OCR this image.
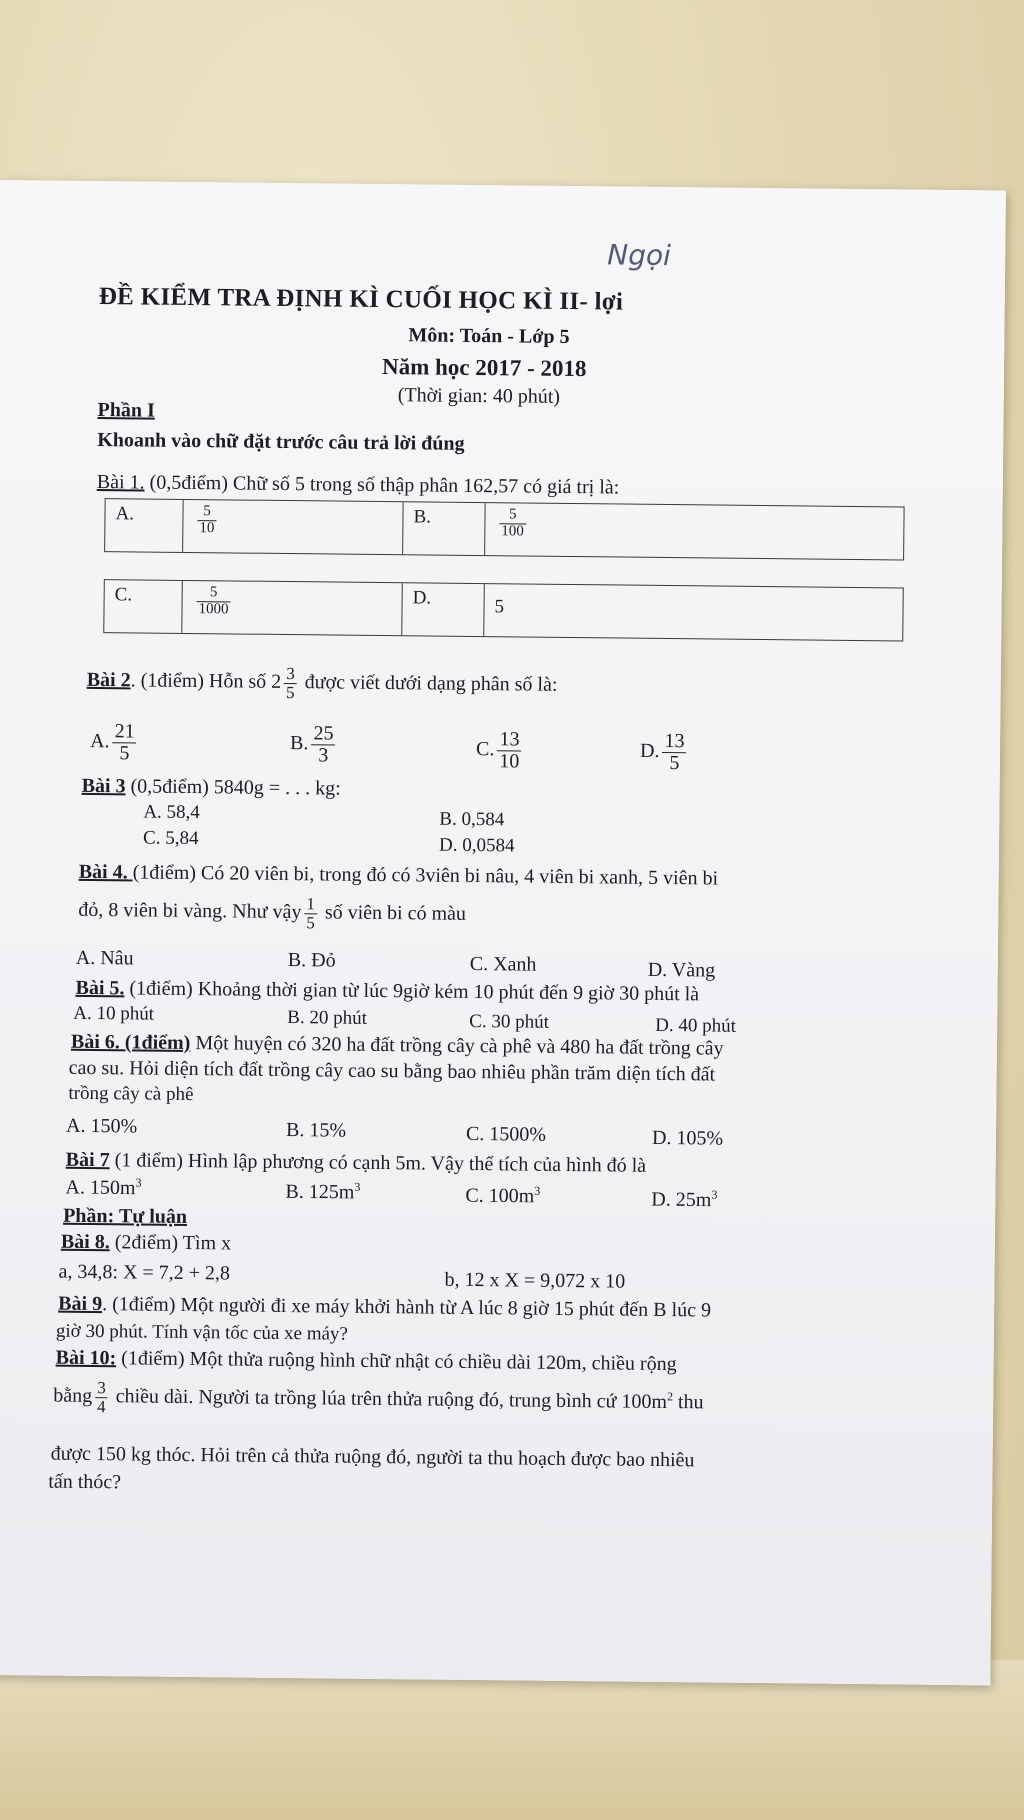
Ngọi
ĐỀ KIỂM TRA ĐỊNH KÌ CUỐI HỌC KÌ II- lợi
Môn: Toán - Lớp 5
Năm học 2017 - 2018
(Thời gian: 40 phút)
Phần I
Khoanh vào chữ đặt trước câu trả lời đúng
Bài 1. (0,5điểm) Chữ số 5 trong số thập phân 162,57 có giá trị là:
A.	$\frac{5}{10}$	B.	$\frac{5}{100}$
C.	$\frac{5}{1000}$	D.	5
Bài 2. (1điểm) Hỗn số $2 \frac{3}{5}$ được viết dưới dạng phân số là:
A. $\frac{21}{5}$	B. $\frac{25}{3}$	C. $\frac{13}{10}$	D. $\frac{13}{5}$
Bài 3 (0,5điểm) 5840g = . . . kg:
A. 58,4	B. 0,584
C. 5,84	D. 0,0584
Bài 4. (1điểm) Có 20 viên bi, trong đó có 3viên bi nâu, 4 viên bi xanh, 5 viên bi
đỏ, 8 viên bi vàng. Như vậy $\frac{1}{5}$ số viên bi có màu
A. Nâu	B. Đỏ	C. Xanh	D. Vàng
Bài 5. (1điểm) Khoảng thời gian từ lúc 9giờ kém 10 phút đến 9 giờ 30 phút là
A. 10 phút	B. 20 phút	C. 30 phút	D. 40 phút
Bài 6. (1điểm) Một huyện có 320 ha đất trồng cây cà phê và 480 ha đất trồng cây
cao su. Hỏi diện tích đất trồng cây cao su bằng bao nhiêu phần trăm diện tích đất
trồng cây cà phê
A. 150%	B. 15%	C. 1500%	D. 105%
Bài 7 (1 điểm) Hình lập phương có cạnh 5m. Vậy thể tích của hình đó là
A. $150m^3$	B. $125m^3$	C. $100m^3$	D. $25m^3$
Phần: Tự luận
Bài 8. (2điểm) Tìm x
a, 34,8: X = 7,2 + 2,8	b, 12 x X = 9,072 x 10
Bài 9. (1điểm) Một người đi xe máy khởi hành từ A lúc 8 giờ 15 phút đến B lúc 9
giờ 30 phút. Tính vận tốc của xe máy?
Bài 10: (1điểm) Một thửa ruộng hình chữ nhật có chiều dài 120m, chiều rộng
bằng $\frac{3}{4}$ chiều dài. Người ta trồng lúa trên thửa ruộng đó, trung bình cứ $100m^2$ thu
được 150 kg thóc. Hỏi trên cả thửa ruộng đó, người ta thu hoạch được bao nhiêu
tấn thóc?
